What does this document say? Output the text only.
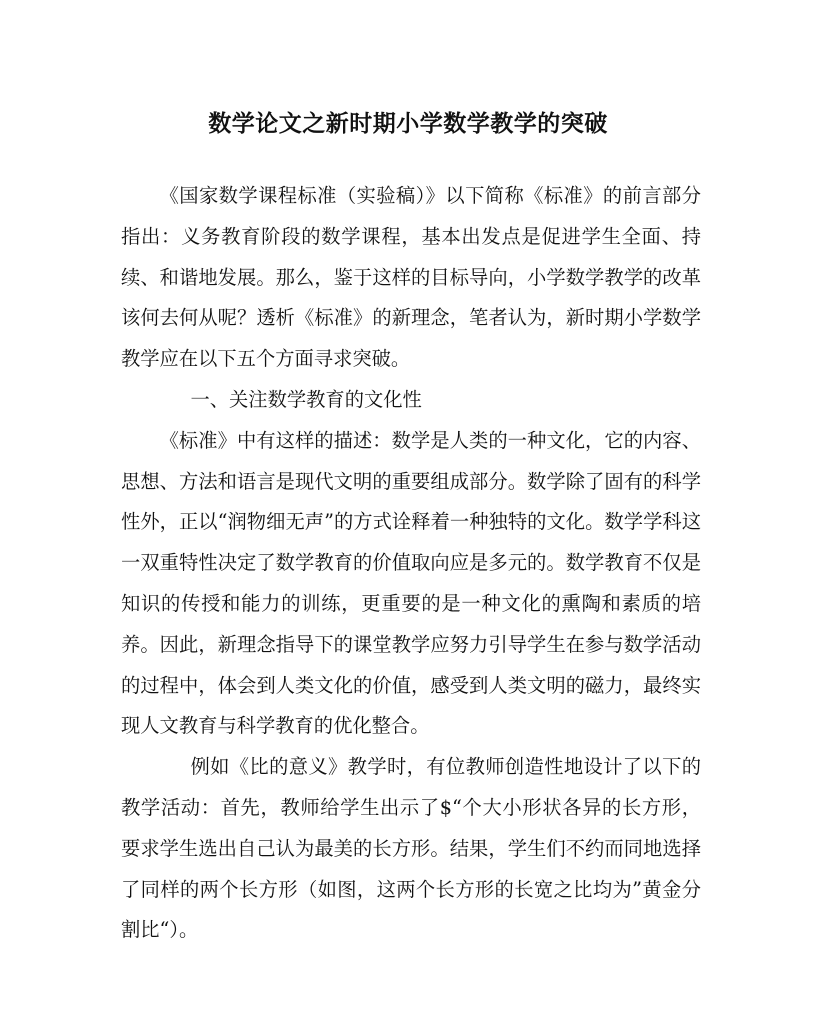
数学论文之新时期小学数学教学的突破

《国家数学课程标准（实验稿）》以下简称《标准》的前言部分指出：义务教育阶段的数学课程，基本出发点是促进学生全面、持续、和谐地发展。那么，鉴于这样的目标导向，小学数学教学的改革该何去何从呢？透析《标准》的新理念，笔者认为，新时期小学数学教学应在以下五个方面寻求突破。

一、关注数学教育的文化性

《标准》中有这样的描述：数学是人类的一种文化，它的内容、思想、方法和语言是现代文明的重要组成部分。数学除了固有的科学性外，正以“润物细无声”的方式诠释着一种独特的文化。数学学科这一双重特性决定了数学教育的价值取向应是多元的。数学教育不仅是知识的传授和能力的训练，更重要的是一种文化的熏陶和素质的培养。因此，新理念指导下的课堂教学应努力引导学生在参与数学活动的过程中，体会到人类文化的价值，感受到人类文明的磁力，最终实现人文教育与科学教育的优化整合。

例如《比的意义》教学时，有位教师创造性地设计了以下的教学活动：首先，教师给学生出示了$“个大小形状各异的长方形，要求学生选出自己认为最美的长方形。结果，学生们不约而同地选择了同样的两个长方形（如图，这两个长方形的长宽之比均为”黄金分割比“）。
